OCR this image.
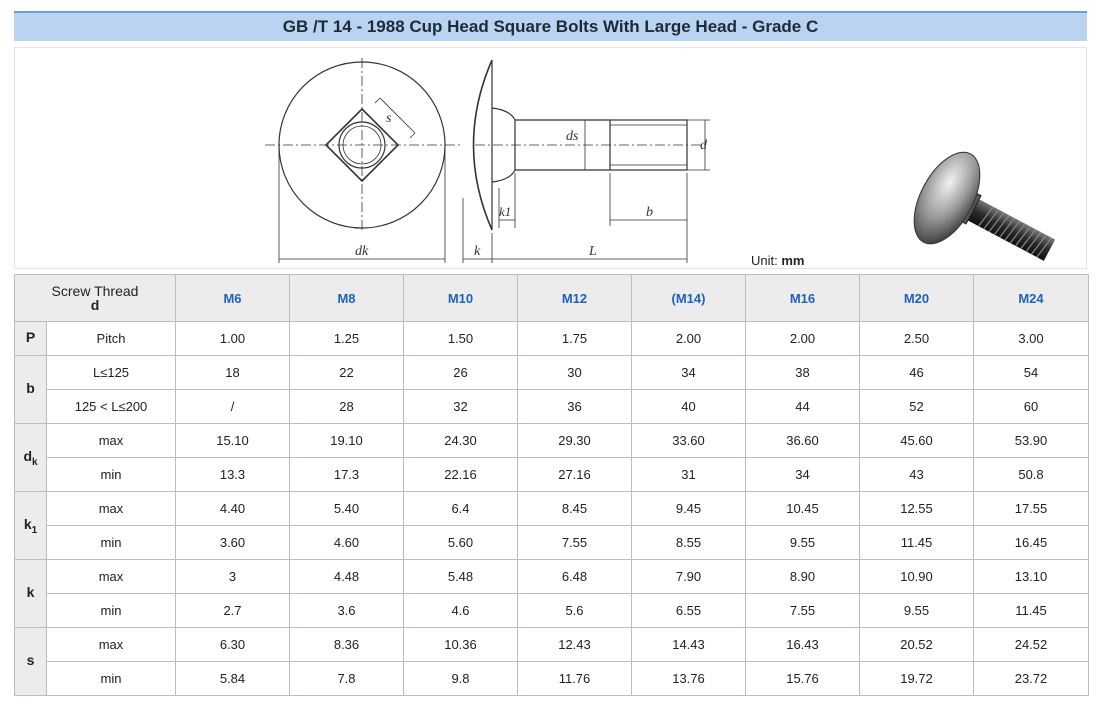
GB /T 14 - 1988 Cup Head Square Bolts With Large Head - Grade C
s
dk
ds
d
k1	b
k	L
Unit: mm
Screw Thread
d		M6	M8	M10	M12	(M14)	M16	M20	M24
P	Pitch	1.00	1.25	1.50	1.75	2.00	2.00	2.50	3.00
b	L≤125	18	22	26	30	34	38	46	54
	125 < L≤200	/	28	32	36	40	44	52	60
$d_k$	max	15.10	19.10	24.30	29.30	33.60	36.60	45.60	53.90
	min	13.3	17.3	22.16	27.16	31	34	43	50.8
$k_1$	max	4.40	5.40	6.4	8.45	9.45	10.45	12.55	17.55
	min	3.60	4.60	5.60	7.55	8.55	9.55	11.45	16.45
k	max	3	4.48	5.48	6.48	7.90	8.90	10.90	13.10
	min	2.7	3.6	4.6	5.6	6.55	7.55	9.55	11.45
s	max	6.30	8.36	10.36	12.43	14.43	16.43	20.52	24.52
	min	5.84	7.8	9.8	11.76	13.76	15.76	19.72	23.72
